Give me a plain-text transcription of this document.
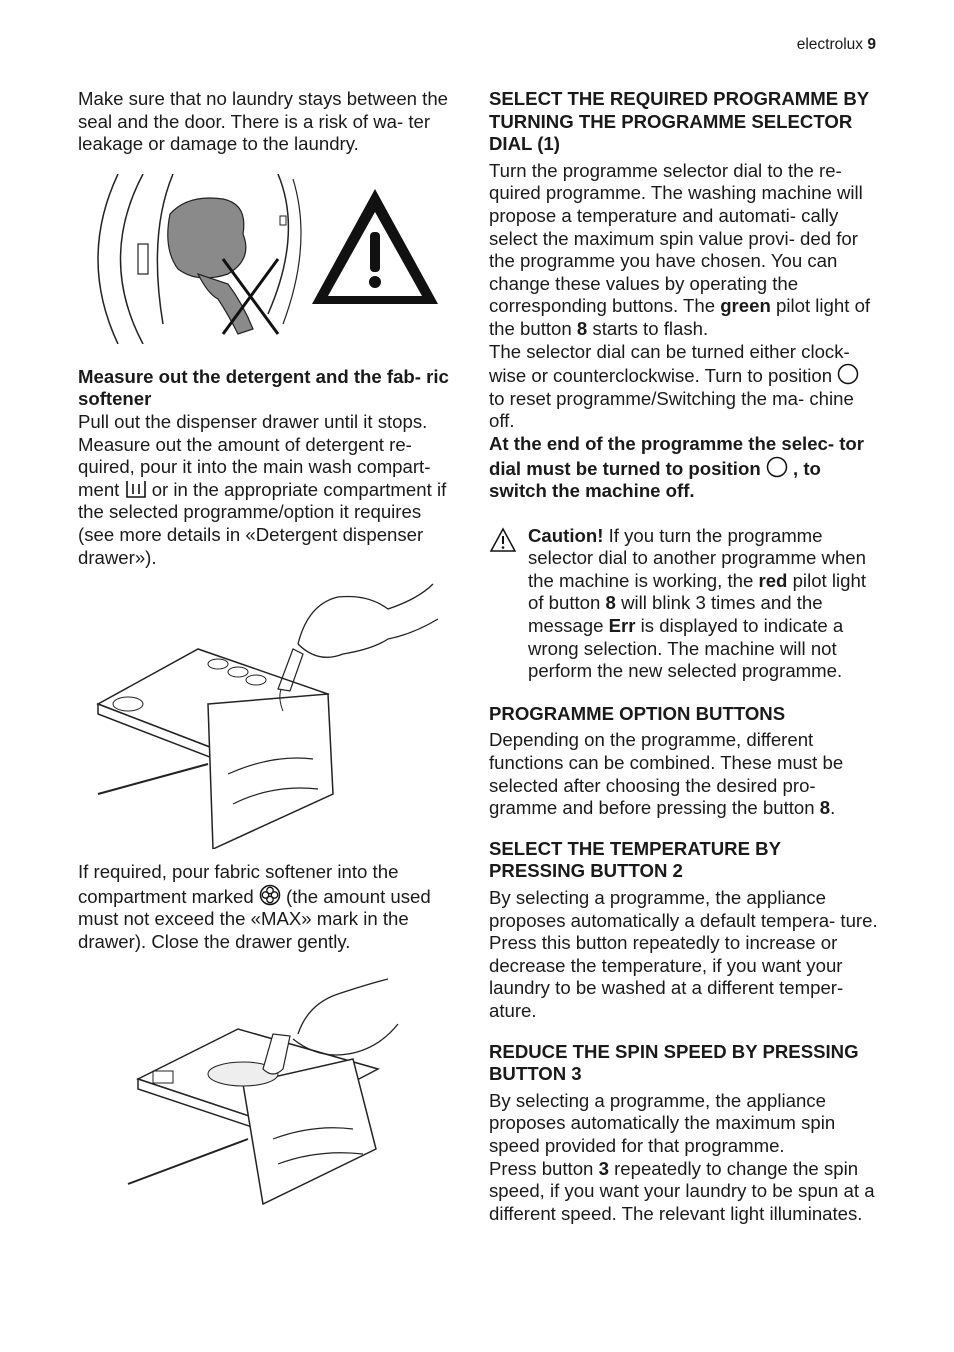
electrolux 9

Make sure that no laundry stays between the seal and the door. There is a risk of wa- ter leakage or damage to the laundry.

Measure out the detergent and the fab- ric softener

Pull out the dispenser drawer until it stops. Measure out the amount of detergent re- quired, pour it into the main wash compart- ment or in the appropriate compartment if the selected programme/option it requires (see more details in «Detergent dispenser drawer»).

If required, pour fabric softener into the compartment marked (the amount used must not exceed the «MAX» mark in the drawer). Close the drawer gently.

SELECT THE REQUIRED PROGRAMME BY TURNING THE PROGRAMME SELECTOR DIAL (1)

Turn the programme selector dial to the re- quired programme. The washing machine will propose a temperature and automati- cally select the maximum spin value provi- ded for the programme you have chosen. You can change these values by operating the corresponding buttons. The green pilot light of the button 8 starts to flash.

The selector dial can be turned either clock- wise or counterclockwise. Turn to position
to reset programme/Switching the ma- chine off.

At the end of the programme the selec- tor dial must be turned to position , to switch the machine off.

Caution! If you turn the programme selector dial to another programme when the machine is working, the red pilot light of button 8 will blink 3 times and the message Err is displayed to indicate a wrong selection. The machine will not perform the new selected programme.

PROGRAMME OPTION BUTTONS

Depending on the programme, different functions can be combined. These must be selected after choosing the desired pro- gramme and before pressing the button 8.

SELECT THE TEMPERATURE BY PRESSING BUTTON 2

By selecting a programme, the appliance proposes automatically a default tempera- ture.

Press this button repeatedly to increase or decrease the temperature, if you want your laundry to be washed at a different temper- ature.

REDUCE THE SPIN SPEED BY PRESSING BUTTON 3

By selecting a programme, the appliance proposes automatically the maximum spin speed provided for that programme.

Press button 3 repeatedly to change the spin speed, if you want your laundry to be spun at a different speed. The relevant light illuminates.
